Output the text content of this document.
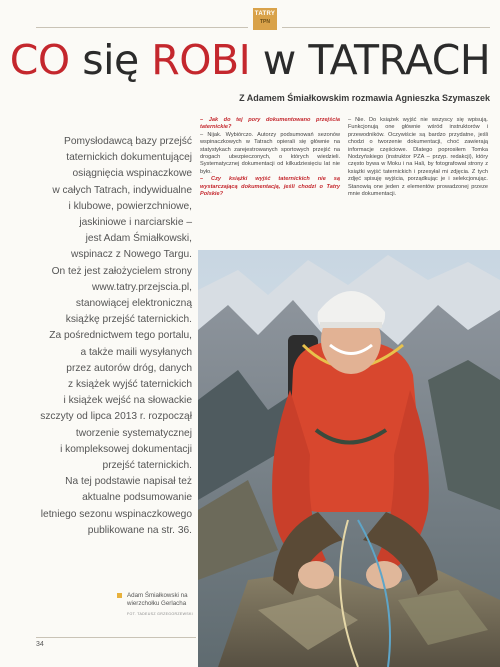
TATRY
TPN
CO się ROBI w TATRACH
Z Adamem Śmiałkowskim rozmawia Agnieszka Szymaszek
Pomysłodawcą bazy przejść
taternickich dokumentującej
osiągnięcia wspinaczkowe
w całych Tatrach, indywidualne
i klubowe, powierzchniowe,
jaskiniowe i narciarskie –
jest Adam Śmiałkowski,
wspinacz z Nowego Targu.
On też jest założycielem strony
www.tatry.przejscia.pl,
stanowiącej elektroniczną
książkę przejść taternickich.
Za pośrednictwem tego portalu,
a także maili wysyłanych
przez autorów dróg, danych
z książek wyjść taternickich
i książek wejść na słowackie
szczyty od lipca 2013 r. rozpoczął
tworzenie systematycznej
i kompleksowej dokumentacji
przejść taternickich.
Na tej podstawie napisał też
aktualne podsumowanie
letniego sezonu wspinaczkowego
publikowane na str. 36.

– Jak do tej pory dokumentowano przejścia taternickie?

– Nijak. Wybiórczo. Autorzy podsumowań sezonów wspinaczkowych w Tatrach opierali się głównie na statystykach zarejestrowanych sportowych przejść na drogach ubezpieczonych, o których wiedzieli. Systematycznej dokumentacji od kilkudziesięciu lat nie było.

– Czy książki wyjść taternickich nie są wystarczającą dokumentacją, jeśli chodzi o Tatry Polskie?

– Nie. Do książek wyjść nie wszyscy się wpisują. Funkcjonują one głównie wśród instruktorów i przewodników. Oczywiście są bardzo przydatne, jeśli chodzi o tworzenie dokumentacji, choć zawierają informacje częściowe. Dlatego poprosiłem Tomka Nodzyńskiego (instruktor PZA – przyp. redakcji), który często bywa w Moku i na Hali, by fotografował strony z książki wyjść taternickich i przesyłał mi zdjęcia. Z tych zdjęć spisuję wyjścia, porządkując je i selekcjonując. Stanowią one jeden z elementów prowadzonej przeze mnie dokumentacji.

Adam Śmiałkowski na wierzchołku Gerlacha
FOT. TADEUSZ GRZEGORZEWSKI
34
